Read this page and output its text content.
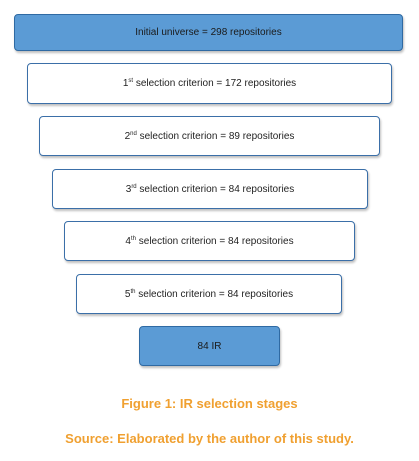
Initial universe = 298 repositories
1st selection criterion = 172 repositories
2nd selection criterion = 89 repositories
3rd selection criterion = 84 repositories
4th selection criterion = 84 repositories
5th selection criterion = 84 repositories
84 IR
Figure 1: IR selection stages
Source: Elaborated by the author of this study.
